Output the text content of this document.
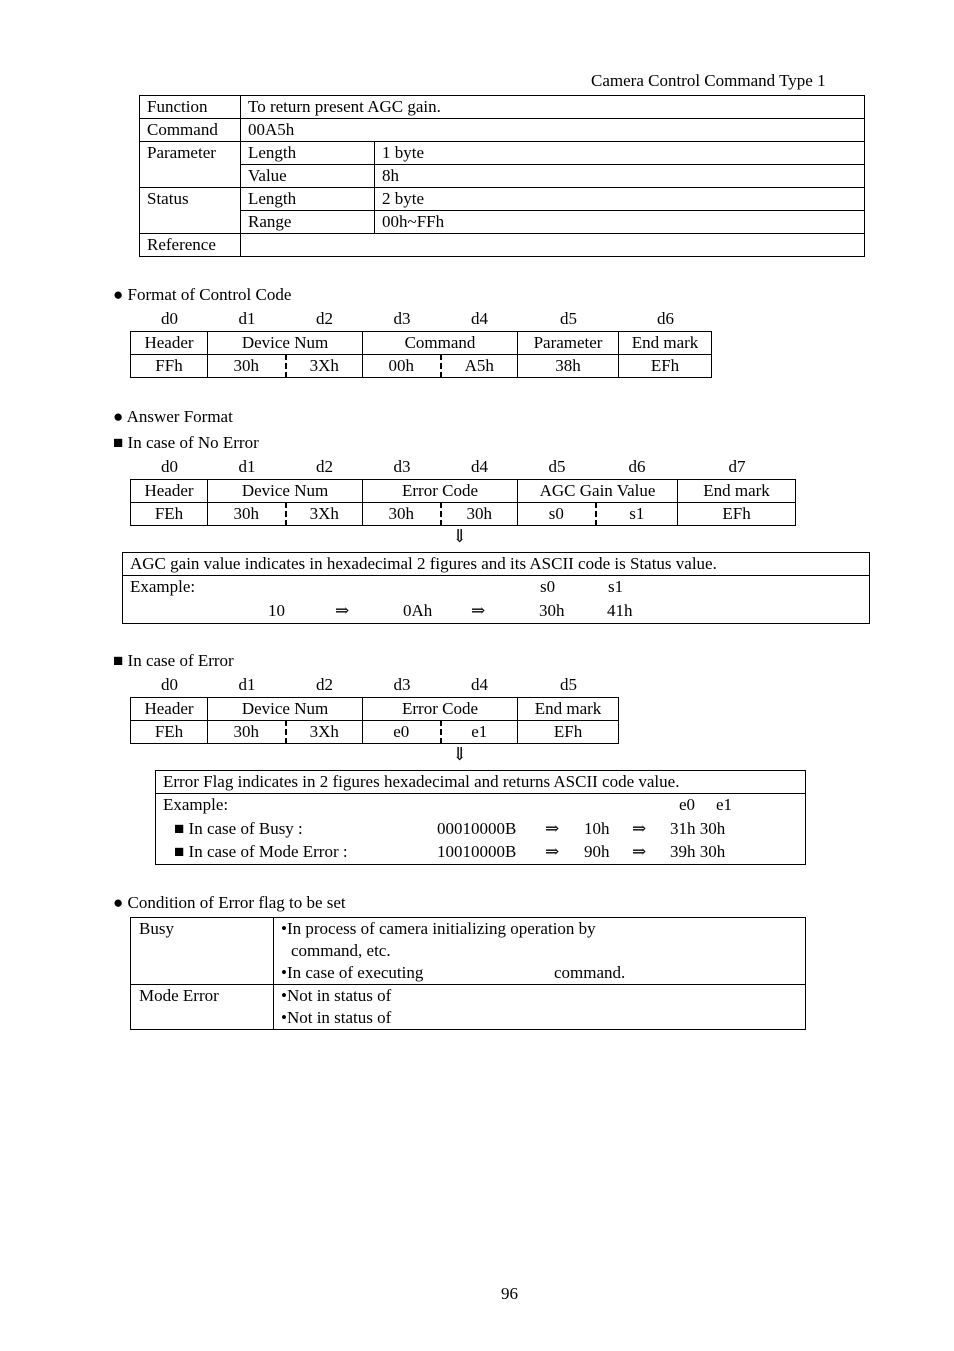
Camera Control Command Type 1
Function	To return present AGC gain.	
Command	00A5h	
Parameter	Length	1 byte
	Value	8h
Status	Length	2 byte
	Range	00h~FFh
Reference		
● Format of Control Code
d0	d1	d2	d3	d4	d5	d6
Header	Device Num		Command		Parameter	End mark
FFh	30h	3Xh	00h	A5h	38h	EFh
● Answer Format
■ In case of No Error
d0	d1	d2	d3	d4	d5	d6	d7
Header	Device Num		Error Code		AGC Gain Value		End mark
FEh	30h	3Xh	30h	30h	s0	s1	EFh
⇓
AGC gain value indicates in hexadecimal 2 figures and its ASCII code is Status value.
Example:	s0	s1
10	⇒	0Ah ⇒	30h	41h
■ In case of Error
d0	d1	d2	d3	d4	d5
Header	Device Num		Error Code		End mark
FEh	30h	3Xh	e0	e1	EFh
⇓
Error Flag indicates in 2 figures hexadecimal and returns ASCII code value.
Example:	e0 e1
■ In case of Busy :	00010000B ⇒ 10h ⇒ 31h 30h
■ In case of Mode Error :	10010000B ⇒ 90h ⇒ 39h 30h
● Condition of Error flag to be set
Busy	•In process of camera initializing operation by
command, etc.
•In case of executing	command.
Mode Error	•Not in status of
•Not in status of
96
